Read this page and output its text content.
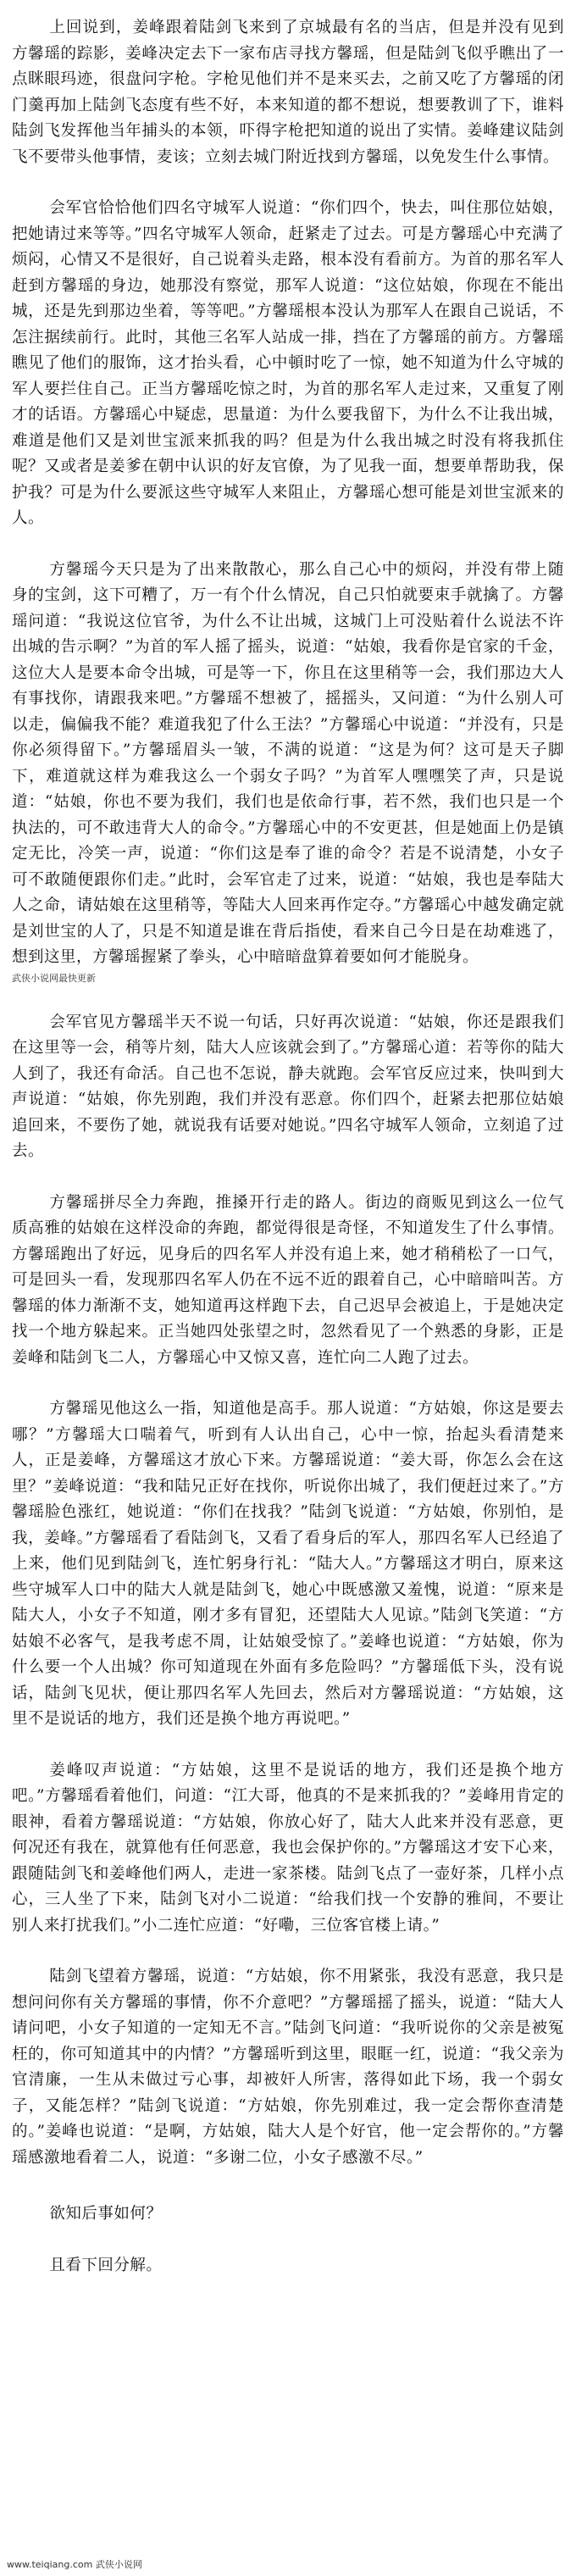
上回说到，姜峰跟着陆剑飞来到了京城最有名的当店，但是并没有见到方馨瑶的踪影，姜峰决定去下一家布店寻找方馨瑶，但是陆剑飞似乎瞧出了一点眯眼玛迹，很盘问字枪。字枪见他们并不是来买去，之前又吃了方馨瑶的闭门羹再加上陆剑飞态度有些不好，本来知道的都不想说，想要教训了下，谁料陆剑飞发挥他当年捕头的本领，吓得字枪把知道的说出了实情。姜峰建议陆剑飞不要带头他事情，麦该；立刻去城门附近找到方馨瑶，以免发生什么事情。

会军官恰恰他们四名守城军人说道：“你们四个，快去，叫住那位姑娘，把她请过来等等。”四名守城军人领命，赶紧走了过去。可是方馨瑶心中充满了烦闷，心情又不是很好，自己说着头走路，根本没有看前方。为首的那名军人赶到方馨瑶的身边，她那没有察觉，那军人说道：“这位姑娘，你现在不能出城，还是先到那边坐着，等等吧。”方馨瑶根本没认为那军人在跟自己说话，不怎注据续前行。此时，其他三名军人站成一排，挡在了方馨瑶的前方。方馨瑶瞧见了他们的服饰，这才抬头看，心中頓时吃了一惊，她不知道为什么守城的军人要拦住自己。正当方馨瑶吃惊之时，为首的那名军人走过来，又重复了刚才的话语。方馨瑶心中疑虑，思量道：为什么要我留下，为什么不让我出城，难道是他们又是刘世宝派来抓我的吗？但是为什么我出城之时没有将我抓住呢？又或者是姜爹在朝中认识的好友官僚，为了见我一面，想要单帮助我，保护我？可是为什么要派这些守城军人来阻止，方馨瑶心想可能是刘世宝派来的人。

方馨瑶今天只是为了出来散散心，那么自己心中的烦闷，并没有带上随身的宝剑，这下可糟了，万一有个什么情况，自己只怕就要束手就擒了。方馨瑶问道：“我说这位官爷，为什么不让出城，这城门上可没贴着什么说法不许出城的告示啊？”为首的军人摇了摇头，说道：“姑娘，我看你是官家的千金，这位大人是要本命令出城，可是等一下，你且在这里稍等一会，我们那边大人有事找你，请跟我来吧。”方馨瑶不想被了，摇摇头，又问道：“为什么别人可以走，偏偏我不能？难道我犯了什么王法？”方馨瑶心中说道：“并没有，只是你必须得留下。”方馨瑶眉头一皱，不满的说道：“这是为何？这可是天子脚下，难道就这样为难我这么一个弱女子吗？”为首军人嘿嘿笑了声，只是说道：“姑娘，你也不要为我们，我们也是依命行事，若不然，我们也只是一个执法的，可不敢违背大人的命令。”方馨瑶心中的不安更甚，但是她面上仍是镇定无比，冷笑一声，说道：“你们这是奉了谁的命令？若是不说清楚，小女子可不敢随便跟你们走。”此时，会军官走了过来，说道：“姑娘，我也是奉陆大人之命，请姑娘在这里稍等，等陆大人回来再作定夺。”方馨瑶心中越发确定就是刘世宝的人了，只是不知道是谁在背后指使，看来自己今日是在劫难逃了，想到这里，方馨瑶握紧了拳头，心中暗暗盘算着要如何才能脱身。

武侠小说网最快更新

会军官见方馨瑶半天不说一句话，只好再次说道：“姑娘，你还是跟我们在这里等一会，稍等片刻，陆大人应该就会到了。”方馨瑶心道：若等你的陆大人到了，我还有命活。自己也不怎说，静夫就跑。会军官反应过来，快叫到大声说道：“姑娘，你先别跑，我们并没有恶意。你们四个，赶紧去把那位姑娘追回来，不要伤了她，就说我有话要对她说。”四名守城军人领命，立刻追了过去。

方馨瑶拼尽全力奔跑，推搡开行走的路人。街边的商贩见到这么一位气质高雅的姑娘在这样没命的奔跑，都觉得很是奇怪，不知道发生了什么事情。方馨瑶跑出了好远，见身后的四名军人并没有追上来，她才稍稍松了一口气，可是回头一看，发现那四名军人仍在不远不近的跟着自己，心中暗暗叫苦。方馨瑶的体力渐渐不支，她知道再这样跑下去，自己迟早会被追上，于是她决定找一个地方躲起来。正当她四处张望之时，忽然看见了一个熟悉的身影，正是姜峰和陆剑飞二人，方馨瑶心中又惊又喜，连忙向二人跑了过去。

方馨瑶见他这么一指，知道他是高手。那人说道：“方姑娘，你这是要去哪？”方馨瑶大口喘着气，听到有人认出自己，心中一惊，抬起头看清楚来人，正是姜峰，方馨瑶这才放心下来。方馨瑶说道：“姜大哥，你怎么会在这里？”姜峰说道：“我和陆兄正好在找你，听说你出城了，我们便赶过来了。”方馨瑶脸色涨红，她说道：“你们在找我？”陆剑飞说道：“方姑娘，你别怕，是我，姜峰。”方馨瑶看了看陆剑飞，又看了看身后的军人，那四名军人已经追了上来，他们见到陆剑飞，连忙躬身行礼：“陆大人。”方馨瑶这才明白，原来这些守城军人口中的陆大人就是陆剑飞，她心中既感激又羞愧，说道：“原来是陆大人，小女子不知道，刚才多有冒犯，还望陆大人见谅。”陆剑飞笑道：“方姑娘不必客气，是我考虑不周，让姑娘受惊了。”姜峰也说道：“方姑娘，你为什么要一个人出城？你可知道现在外面有多危险吗？”方馨瑶低下头，没有说话，陆剑飞见状，便让那四名军人先回去，然后对方馨瑶说道：“方姑娘，这里不是说话的地方，我们还是换个地方再说吧。”

姜峰叹声说道：“方姑娘，这里不是说话的地方，我们还是换个地方吧。”方馨瑶看着他们，问道：“江大哥，他真的不是来抓我的？”姜峰用肯定的眼神，看着方馨瑶说道：“方姑娘，你放心好了，陆大人此来并没有恶意，更何况还有我在，就算他有任何恶意，我也会保护你的。”方馨瑶这才安下心来，跟随陆剑飞和姜峰他们两人，走进一家茶楼。陆剑飞点了一壶好茶，几样小点心，三人坐了下来，陆剑飞对小二说道：“给我们找一个安静的雅间，不要让别人来打扰我们。”小二连忙应道：“好嘞，三位客官楼上请。”

陆剑飞望着方馨瑶，说道：“方姑娘，你不用紧张，我没有恶意，我只是想问问你有关方馨瑶的事情，你不介意吧？”方馨瑶摇了摇头，说道：“陆大人请问吧，小女子知道的一定知无不言。”陆剑飞问道：“我听说你的父亲是被冤枉的，你可知道其中的内情？”方馨瑶听到这里，眼眶一红，说道：“我父亲为官清廉，一生从未做过亏心事，却被奸人所害，落得如此下场，我一个弱女子，又能怎样？”陆剑飞说道：“方姑娘，你先别难过，我一定会帮你查清楚的。”姜峰也说道：“是啊，方姑娘，陆大人是个好官，他一定会帮你的。”方馨瑶感激地看着二人，说道：“多谢二位，小女子感激不尽。”

欲知后事如何？

且看下回分解。

www.teiqiang.com 武侠小说网
